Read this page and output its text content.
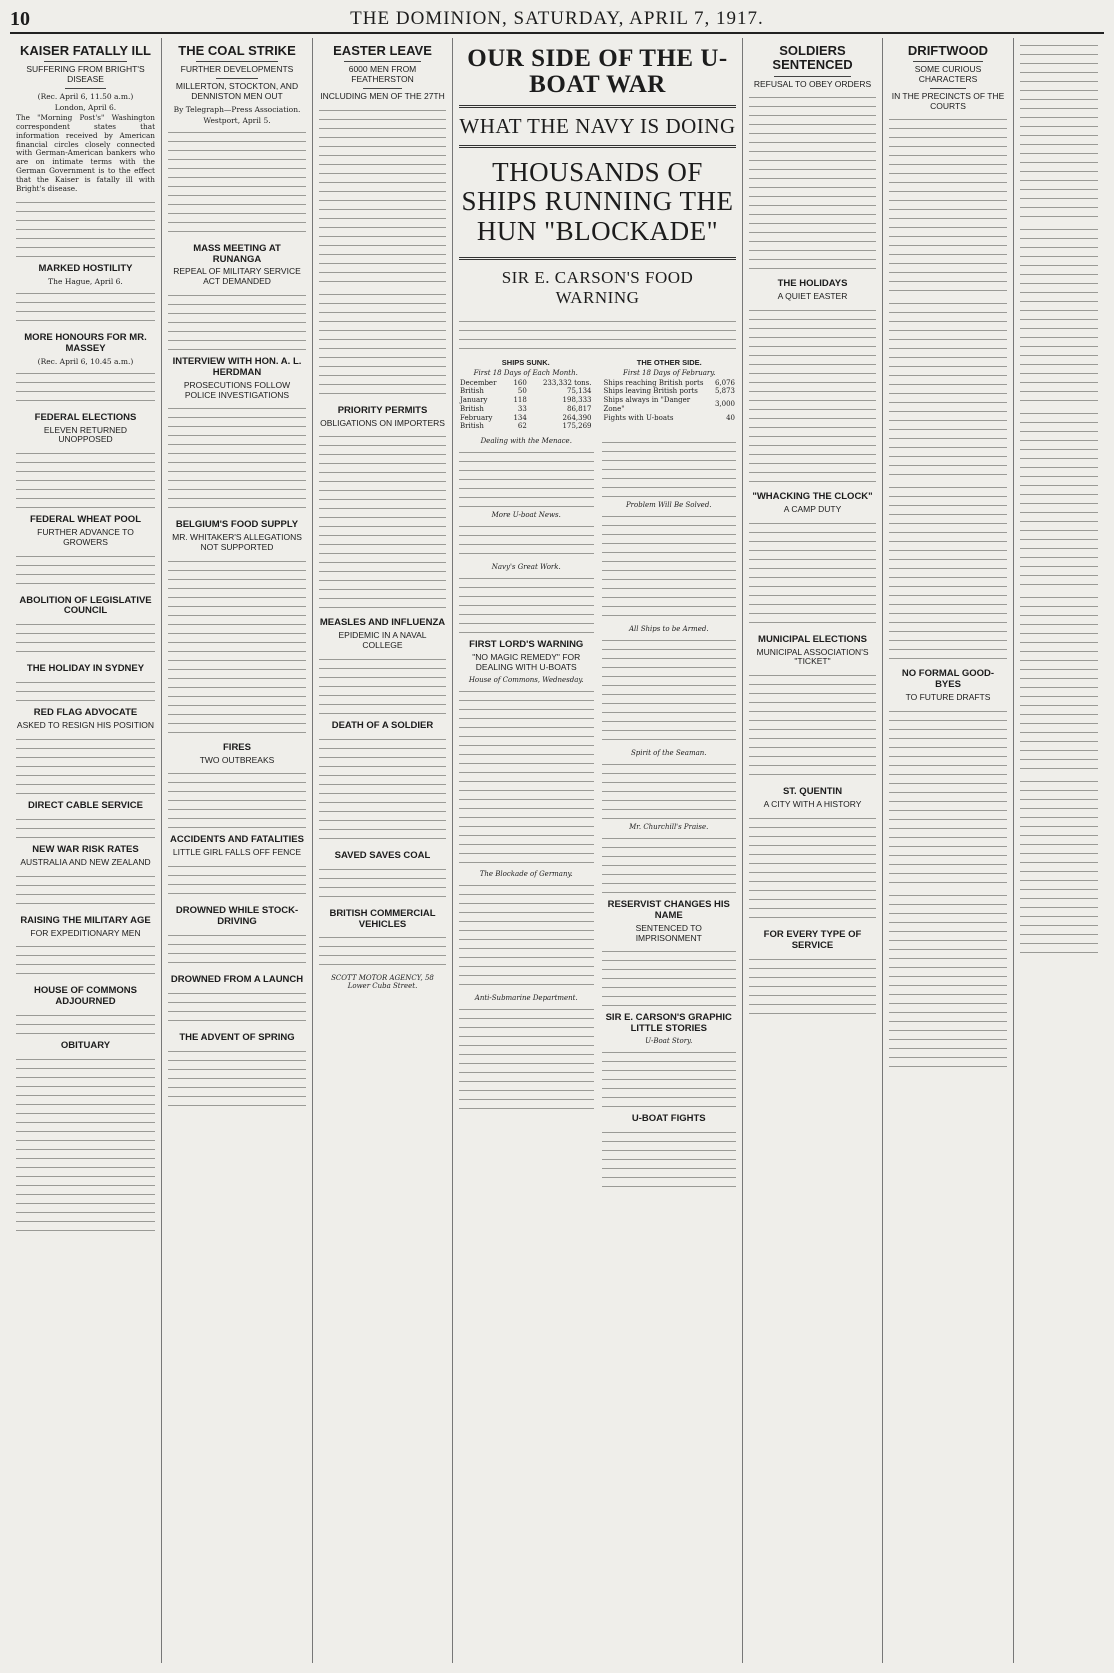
10	THE DOMINION, SATURDAY, APRIL 7, 1917.
KAISER FATALLY ILL
SUFFERING FROM BRIGHT'S DISEASE
(Rec. April 6, 11.50 a.m.)
London, April 6.
The "Morning Post's" Washington correspondent states that information received by American financial circles closely connected with German-American bankers who are on intimate terms with the German Government is to the effect that the Kaiser is fatally ill with Bright's disease.
MARKED HOSTILITY
The Hague, April 6.
MORE HONOURS FOR MR. MASSEY
(Rec. April 6, 10.45 a.m.)
FEDERAL ELECTIONS
ELEVEN RETURNED UNOPPOSED
FEDERAL WHEAT POOL
FURTHER ADVANCE TO GROWERS
ABOLITION OF LEGISLATIVE COUNCIL
THE HOLIDAY IN SYDNEY
RED FLAG ADVOCATE
ASKED TO RESIGN HIS POSITION
DIRECT CABLE SERVICE
NEW WAR RISK RATES
AUSTRALIA AND NEW ZEALAND
RAISING THE MILITARY AGE
FOR EXPEDITIONARY MEN
HOUSE OF COMMONS ADJOURNED
OBITUARY
THE COAL STRIKE
FURTHER DEVELOPMENTS
MILLERTON, STOCKTON, AND DENNISTON MEN OUT
By Telegraph—Press Association.
Westport, April 5.
MASS MEETING AT RUNANGA
REPEAL OF MILITARY SERVICE ACT DEMANDED
INTERVIEW WITH HON. A. L. HERDMAN
PROSECUTIONS FOLLOW POLICE INVESTIGATIONS
BELGIUM'S FOOD SUPPLY
MR. WHITAKER'S ALLEGATIONS NOT SUPPORTED
FIRES
TWO OUTBREAKS
ACCIDENTS AND FATALITIES
LITTLE GIRL FALLS OFF FENCE
DROWNED WHILE STOCK-DRIVING
DROWNED FROM A LAUNCH
THE ADVENT OF SPRING
EASTER LEAVE
6000 MEN FROM FEATHERSTON
INCLUDING MEN OF THE 27TH
PRIORITY PERMITS
OBLIGATIONS ON IMPORTERS
MEASLES AND INFLUENZA
EPIDEMIC IN A NAVAL COLLEGE
DEATH OF A SOLDIER
SAVED SAVES COAL
BRITISH COMMERCIAL VEHICLES
SCOTT MOTOR AGENCY, 58 Lower Cuba Street.
OUR SIDE OF THE U-BOAT WAR
WHAT THE NAVY IS DOING
THOUSANDS OF SHIPS RUNNING THE HUN "BLOCKADE"
SIR E. CARSON'S FOOD WARNING
SHIPS SUNK.
First 18 Days of Each Month.
December	160	233,332 tons.
British	50	75,134
January	118	198,333
British	33	86,817
February	134	264,390
British	62	175,269
THE OTHER SIDE.
First 18 Days of February.
Ships reaching British ports	6,076
Ships leaving British ports	5,873
Ships always in "Danger Zone"	3,000
Fights with U-boats	40
Dealing with the Menace.
More U-boat News.
Navy's Great Work.
FIRST LORD'S WARNING
"NO MAGIC REMEDY" FOR DEALING WITH U-BOATS
House of Commons, Wednesday.
The Blockade of Germany.
Anti-Submarine Department.
Problem Will Be Solved.
All Ships to be Armed.
Spirit of the Seaman.
Mr. Churchill's Praise.
RESERVIST CHANGES HIS NAME
SENTENCED TO IMPRISONMENT
SIR E. CARSON'S GRAPHIC LITTLE STORIES
U-Boat Story.
U-BOAT FIGHTS
SOLDIERS SENTENCED
REFUSAL TO OBEY ORDERS
THE HOLIDAYS
A QUIET EASTER
"WHACKING THE CLOCK"
A CAMP DUTY
MUNICIPAL ELECTIONS
MUNICIPAL ASSOCIATION'S "TICKET"
ST. QUENTIN
A CITY WITH A HISTORY
FOR EVERY TYPE OF SERVICE
DRIFTWOOD
SOME CURIOUS CHARACTERS
IN THE PRECINCTS OF THE COURTS
NO FORMAL GOOD-BYES
TO FUTURE DRAFTS
